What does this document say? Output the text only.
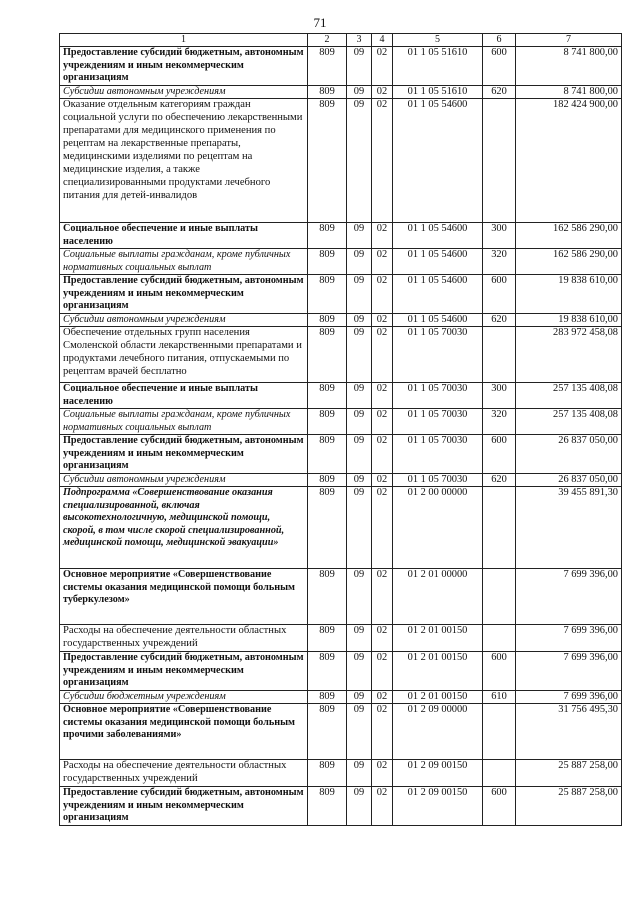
71
1	2	3	4	5	6	7
Предоставление субсидий бюджетным, автономным учреждениям и иным некоммерческим организациям	809	09	02	01 1 05 51610	600	8 741 800,00
Субсидии автономным учреждениям	809	09	02	01 1 05 51610	620	8 741 800,00
Оказание отдельным категориям граждан социальной услуги по обеспечению лекарственными препаратами для медицинского применения по рецептам на лекарственные препараты, медицинскими изделиями по рецептам на медицинские изделия, а также специализированными продуктами лечебного питания для детей-инвалидов	809	09	02	01 1 05 54600		182 424 900,00
Социальное обеспечение и иные выплаты населению	809	09	02	01 1 05 54600	300	162 586 290,00
Социальные выплаты гражданам, кроме публичных нормативных социальных выплат	809	09	02	01 1 05 54600	320	162 586 290,00
Предоставление субсидий бюджетным, автономным учреждениям и иным некоммерческим организациям	809	09	02	01 1 05 54600	600	19 838 610,00
Субсидии автономным учреждениям	809	09	02	01 1 05 54600	620	19 838 610,00
Обеспечение отдельных групп населения Смоленской области лекарственными препаратами и продуктами лечебного питания, отпускаемыми по рецептам врачей бесплатно	809	09	02	01 1 05 70030		283 972 458,08
Социальное обеспечение и иные выплаты населению	809	09	02	01 1 05 70030	300	257 135 408,08
Социальные выплаты гражданам, кроме публичных нормативных социальных выплат	809	09	02	01 1 05 70030	320	257 135 408,08
Предоставление субсидий бюджетным, автономным учреждениям и иным некоммерческим организациям	809	09	02	01 1 05 70030	600	26 837 050,00
Субсидии автономным учреждениям	809	09	02	01 1 05 70030	620	26 837 050,00
Подпрограмма «Совершенствование оказания специализированной, включая высокотехнологичную, медицинской помощи, скорой, в том числе скорой специализированной, медицинской помощи, медицинской эвакуации»	809	09	02	01 2 00 00000		39 455 891,30
Основное мероприятие «Совершенствование системы оказания медицинской помощи больным туберкулезом»	809	09	02	01 2 01 00000		7 699 396,00
Расходы на обеспечение деятельности областных государственных учреждений	809	09	02	01 2 01 00150		7 699 396,00
Предоставление субсидий бюджетным, автономным учреждениям и иным некоммерческим организациям	809	09	02	01 2 01 00150	600	7 699 396,00
Субсидии бюджетным учреждениям	809	09	02	01 2 01 00150	610	7 699 396,00
Основное мероприятие «Совершенствование системы оказания медицинской помощи больным прочими заболеваниями»	809	09	02	01 2 09 00000		31 756 495,30
Расходы на обеспечение деятельности областных государственных учреждений	809	09	02	01 2 09 00150		25 887 258,00
Предоставление субсидий бюджетным, автономным учреждениям и иным некоммерческим организациям	809	09	02	01 2 09 00150	600	25 887 258,00
